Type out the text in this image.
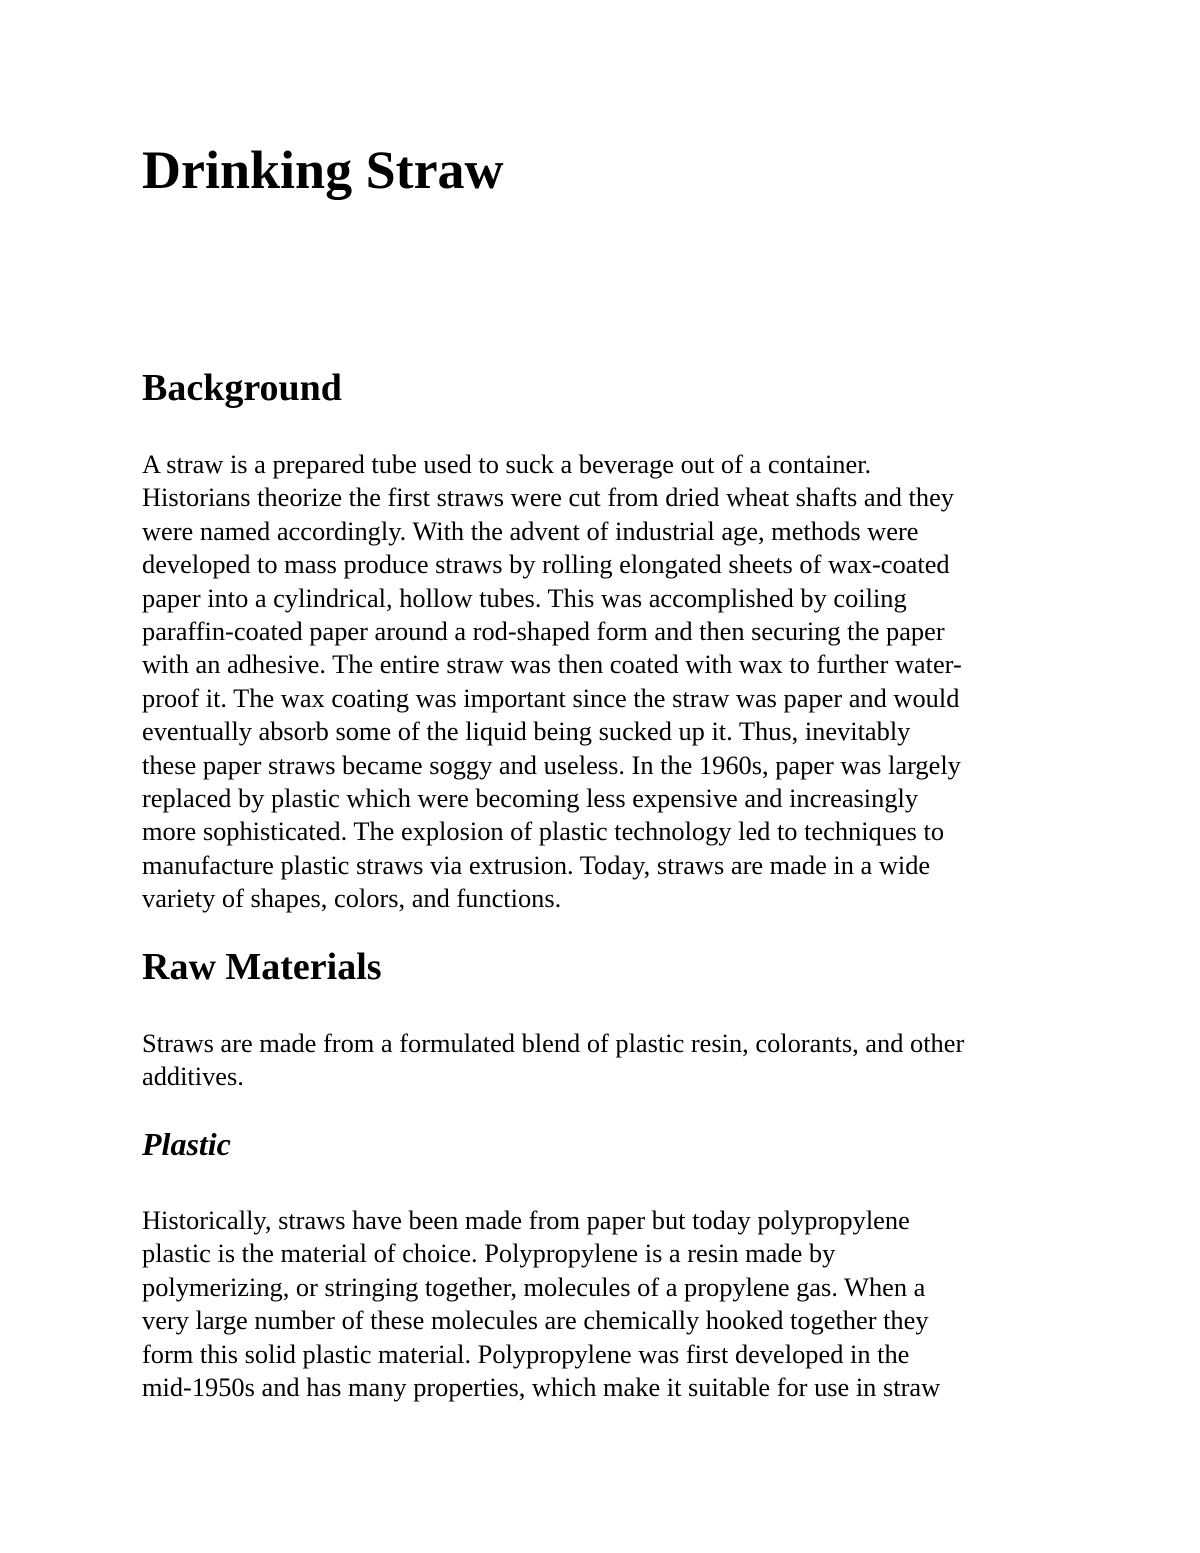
Drinking Straw
Background
A straw is a prepared tube used to suck a beverage out of a container.
Historians theorize the first straws were cut from dried wheat shafts and they
were named accordingly. With the advent of industrial age, methods were
developed to mass produce straws by rolling elongated sheets of wax-coated
paper into a cylindrical, hollow tubes. This was accomplished by coiling
paraffin-coated paper around a rod-shaped form and then securing the paper
with an adhesive. The entire straw was then coated with wax to further water-
proof it. The wax coating was important since the straw was paper and would
eventually absorb some of the liquid being sucked up it. Thus, inevitably
these paper straws became soggy and useless. In the 1960s, paper was largely
replaced by plastic which were becoming less expensive and increasingly
more sophisticated. The explosion of plastic technology led to techniques to
manufacture plastic straws via extrusion. Today, straws are made in a wide
variety of shapes, colors, and functions.
Raw Materials
Straws are made from a formulated blend of plastic resin, colorants, and other
additives.
Plastic
Historically, straws have been made from paper but today polypropylene
plastic is the material of choice. Polypropylene is a resin made by
polymerizing, or stringing together, molecules of a propylene gas. When a
very large number of these molecules are chemically hooked together they
form this solid plastic material. Polypropylene was first developed in the
mid-1950s and has many properties, which make it suitable for use in straw
